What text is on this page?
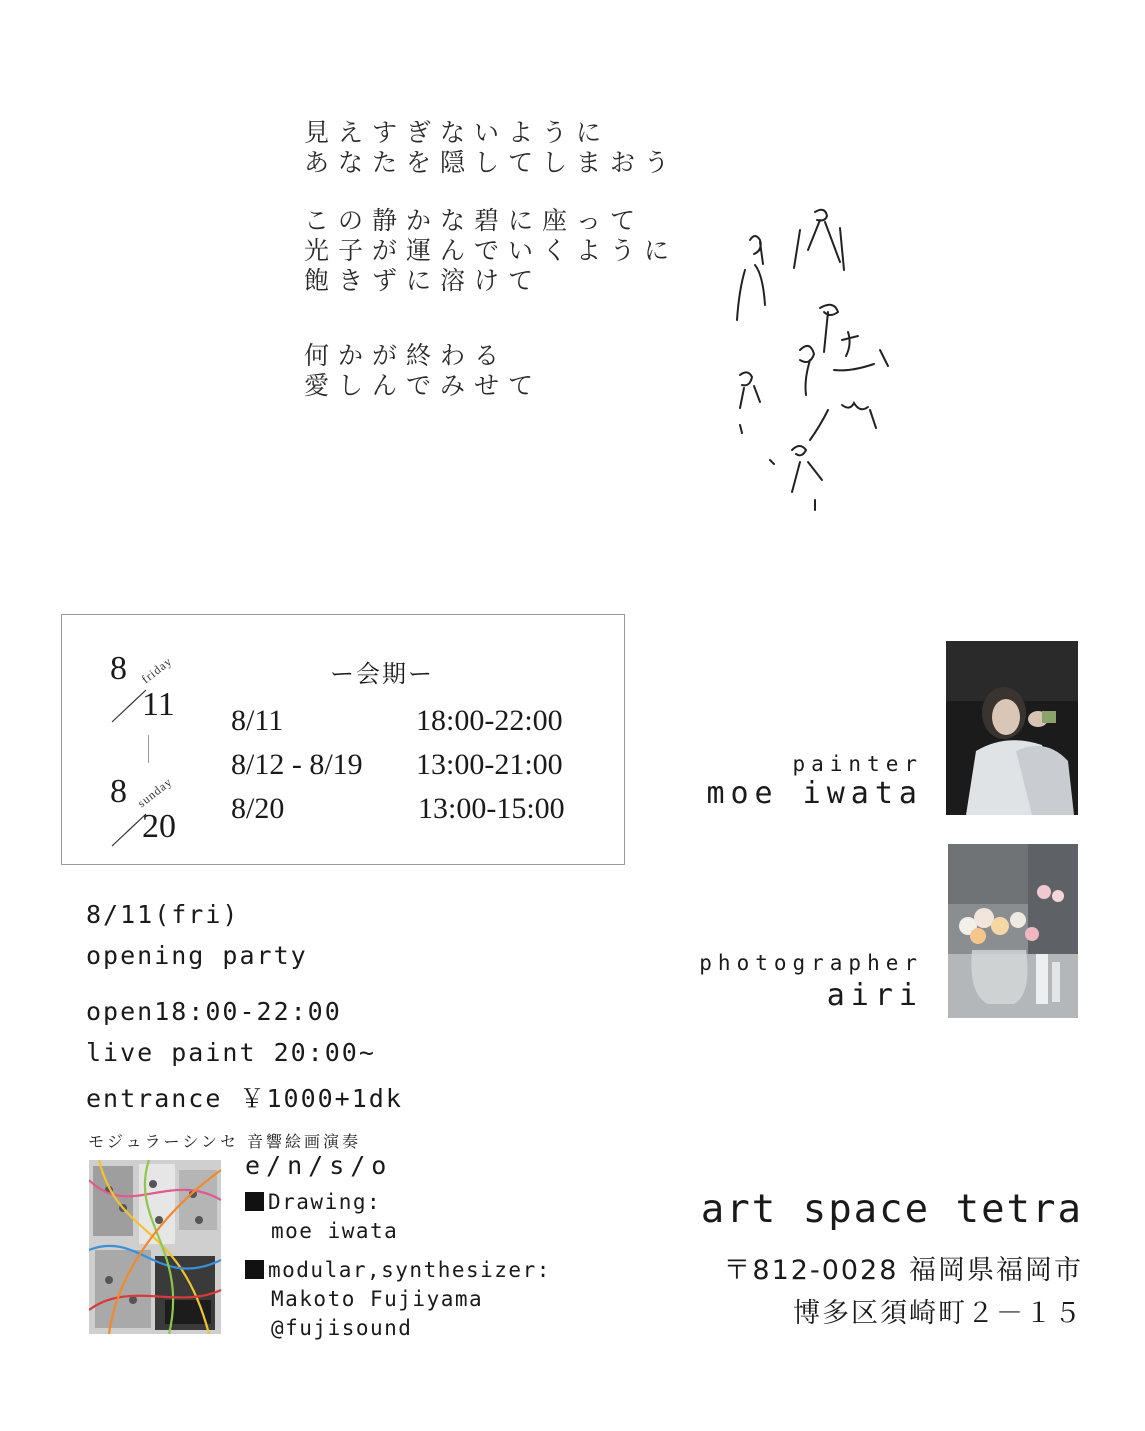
見えすぎないように
あなたを隠してしまおう
この静かな碧に座って
光子が運んでいくように
飽きずに溶けて
何かが終わる
愛しんでみせて
8 friday
11
8 sunday
20
ー会期ー
8/11	18:00-22:00
8/12 - 8/19 13:00-21:00
8/20	13:00-15:00
8/11(fri)
opening party
open18:00-22:00
live paint 20:00~
entrance ￥1000+1dk
モジュラーシンセ 音響絵画演奏
e/n/s/o
Drawing:
moe iwata
modular,synthesizer:
Makoto Fujiyama
@fujisound
painter
moe iwata
photographer
airi
art space tetra
〒812-0028 福岡県福岡市
博多区須崎町２－１５
